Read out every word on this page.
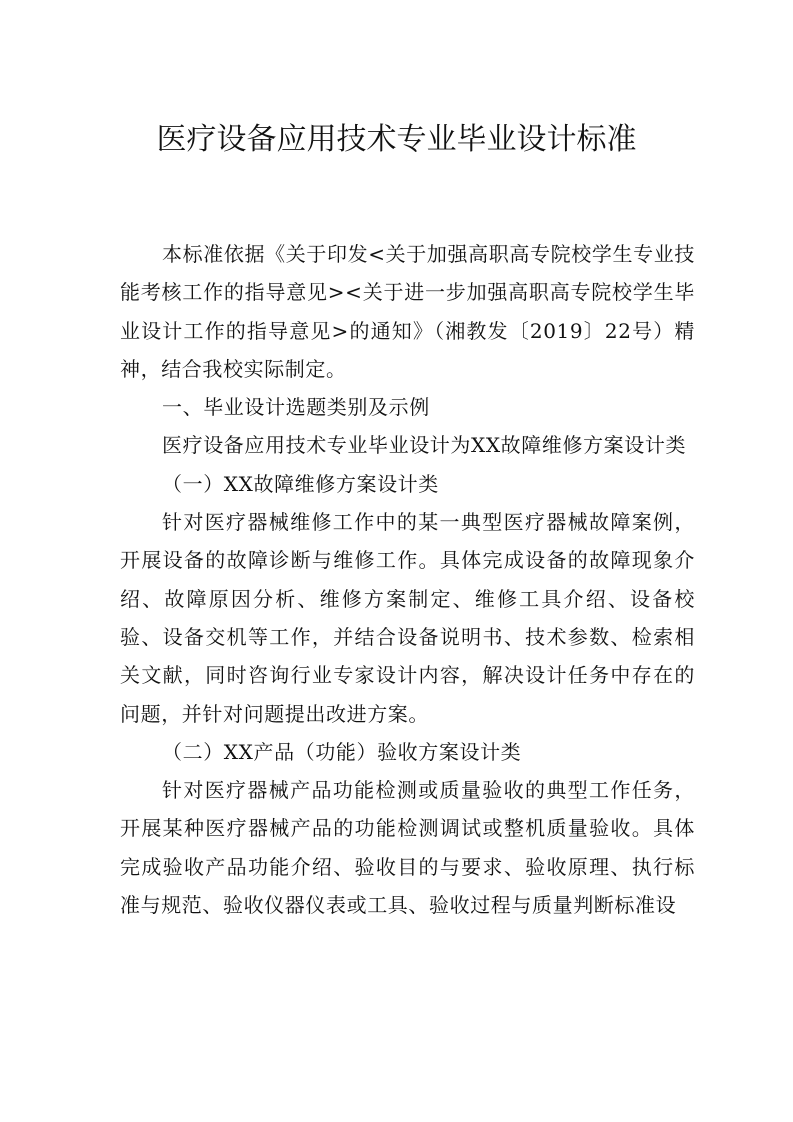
医疗设备应用技术专业毕业设计标准

本标准依据《关于印发<关于加强高职高专院校学生专业技能考核工作的指导意见><关于进一步加强高职高专院校学生毕业设计工作的指导意见>的通知》（湘教发〔2019〕22号）精神，结合我校实际制定。

一、毕业设计选题类别及示例

医疗设备应用技术专业毕业设计为XX故障维修方案设计类

（一）XX故障维修方案设计类

针对医疗器械维修工作中的某一典型医疗器械故障案例，开展设备的故障诊断与维修工作。具体完成设备的故障现象介绍、故障原因分析、维修方案制定、维修工具介绍、设备校验、设备交机等工作，并结合设备说明书、技术参数、检索相关文献，同时咨询行业专家设计内容，解决设计任务中存在的问题，并针对问题提出改进方案。

（二）XX产品（功能）验收方案设计类

针对医疗器械产品功能检测或质量验收的典型工作任务，开展某种医疗器械产品的功能检测调试或整机质量验收。具体完成验收产品功能介绍、验收目的与要求、验收原理、执行标准与规范、验收仪器仪表或工具、验收过程与质量判断标准设
